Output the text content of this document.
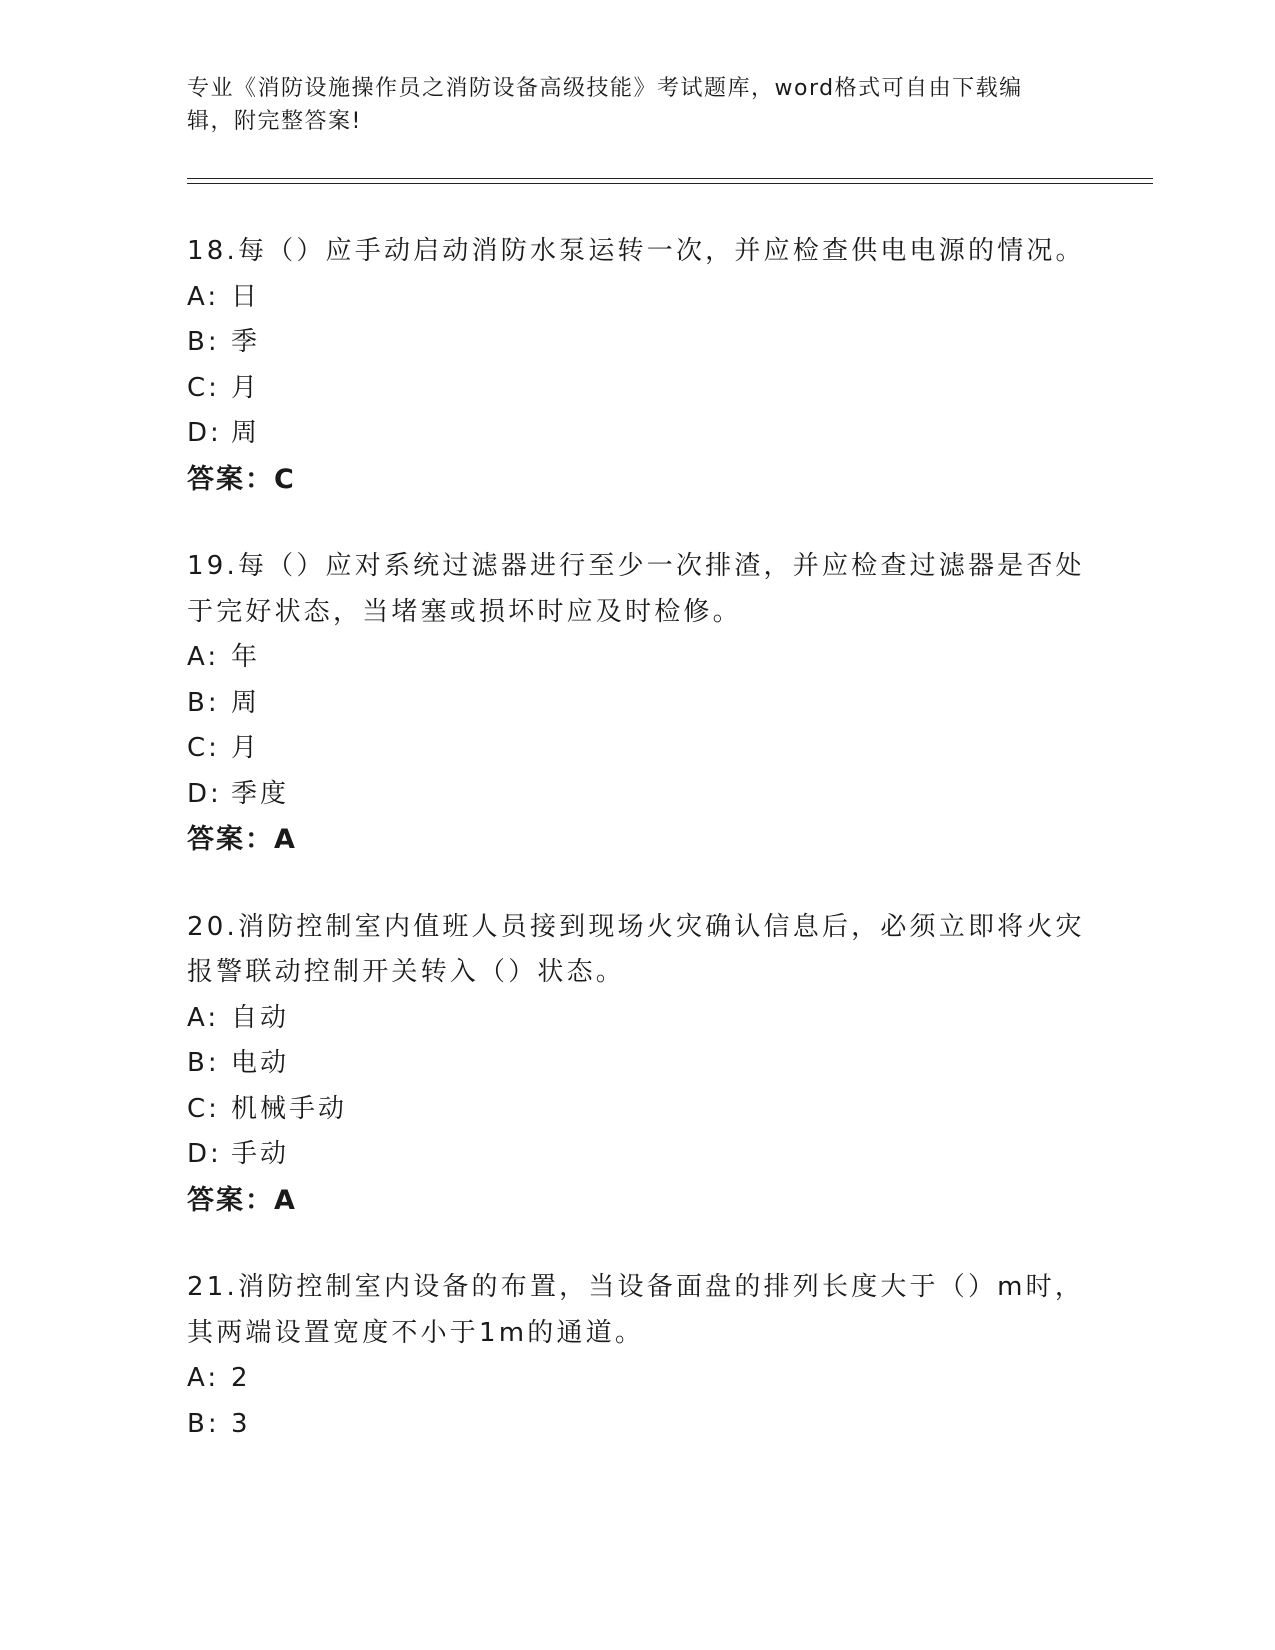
专业《消防设施操作员之消防设备高级技能》考试题库，word格式可自由下载编
辑，附完整答案!
18.每（）应手动启动消防水泵运转一次，并应检查供电电源的情况。
A: 日
B: 季
C: 月
D: 周
答案：C
19.每（）应对系统过滤器进行至少一次排渣，并应检查过滤器是否处
于完好状态，当堵塞或损坏时应及时检修。
A: 年
B: 周
C: 月
D: 季度
答案：A
20.消防控制室内值班人员接到现场火灾确认信息后，必须立即将火灾
报警联动控制开关转入（）状态。
A: 自动
B: 电动
C: 机械手动
D: 手动
答案：A
21.消防控制室内设备的布置，当设备面盘的排列长度大于（）m时，
其两端设置宽度不小于1m的通道。
A: 2
B: 3
